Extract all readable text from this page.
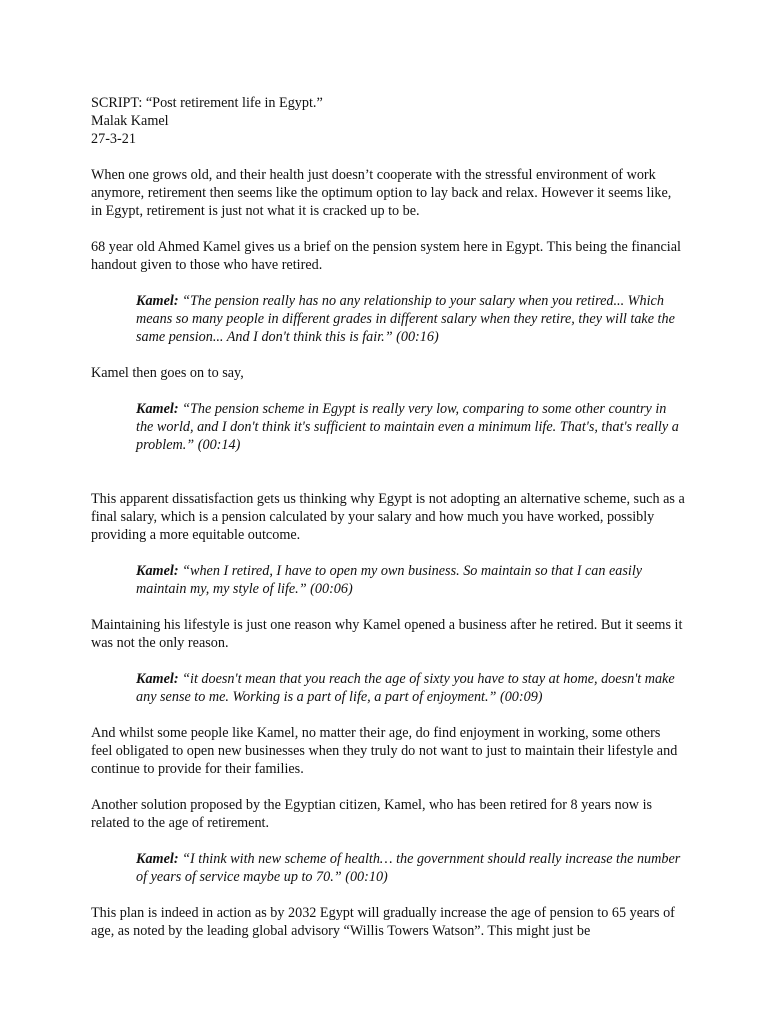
SCRIPT: “Post retirement life in Egypt.”

Malak Kamel

27-3-21

When one grows old, and their health just doesn’t cooperate with the stressful environment of work anymore, retirement then seems like the optimum option to lay back and relax. However it seems like, in Egypt, retirement is just not what it is cracked up to be.

68 year old Ahmed Kamel gives us a brief on the pension system here in Egypt. This being the financial handout given to those who have retired.

Kamel: “The pension really has no any relationship to your salary when you retired... Which means so many people in different grades in different salary when they retire, they will take the same pension... And I don't think this is fair.” (00:16)

Kamel then goes on to say,

Kamel: “The pension scheme in Egypt is really very low, comparing to some other country in the world, and I don't think it's sufficient to maintain even a minimum life. That's, that's really a problem.” (00:14)

This apparent dissatisfaction gets us thinking why Egypt is not adopting an alternative scheme, such as a final salary, which is a pension calculated by your salary and how much you have worked, possibly providing a more equitable outcome.

Kamel: “when I retired, I have to open my own business. So maintain so that I can easily maintain my, my style of life.” (00:06)

Maintaining his lifestyle is just one reason why Kamel opened a business after he retired. But it seems it was not the only reason.

Kamel: “it doesn't mean that you reach the age of sixty you have to stay at home, doesn't make any sense to me. Working is a part of life, a part of enjoyment.” (00:09)

And whilst some people like Kamel, no matter their age, do find enjoyment in working, some others feel obligated to open new businesses when they truly do not want to just to maintain their lifestyle and continue to provide for their families.

Another solution proposed by the Egyptian citizen, Kamel, who has been retired for 8 years now is related to the age of retirement.

Kamel: “I think with new scheme of health… the government should really increase the number of years of service maybe up to 70.” (00:10)

This plan is indeed in action as by 2032 Egypt will gradually increase the age of pension to 65 years of age, as noted by the leading global advisory “Willis Towers Watson”. This might just be
